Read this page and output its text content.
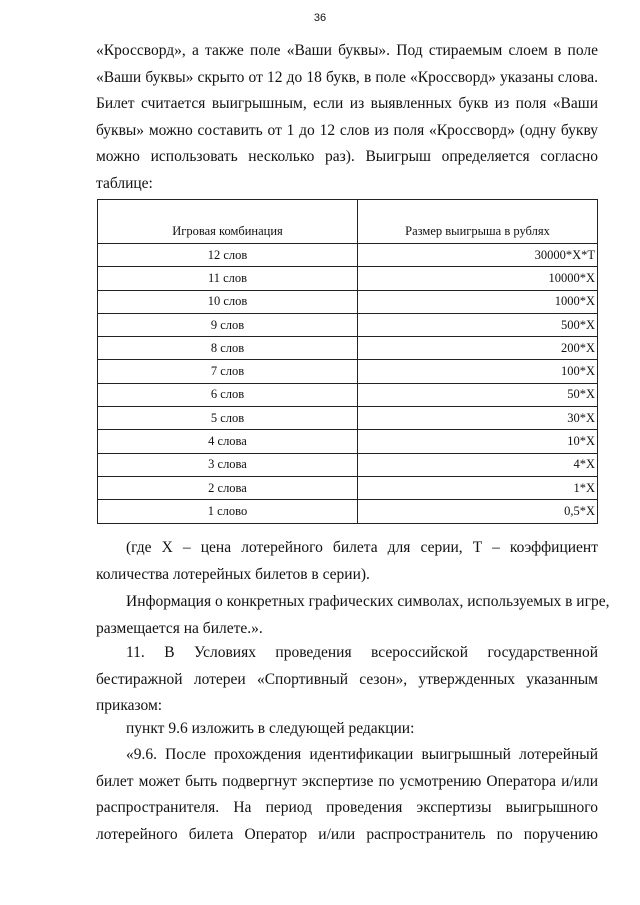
36

«Кроссворд», а также поле «Ваши буквы». Под стираемым слоем в поле
«Ваши буквы» скрыто от 12 до 18 букв, в поле «Кроссворд» указаны слова.
Билет считается выигрышным, если из выявленных букв из поля «Ваши
буквы» можно составить от 1 до 12 слов из поля «Кроссворд» (одну букву
можно использовать несколько раз). Выигрыш определяется согласно
таблице:

Игровая комбинация	Размер выигрыша в рублях
12 слов	30000*X*T
11 слов	10000*X
10 слов	1000*X
9 слов	500*X
8 слов	200*X
7 слов	100*X
6 слов	50*X
5 слов	30*X
4 слова	10*X
3 слова	4*X
2 слова	1*X
1 слово	0,5*X

(где X – цена лотерейного билета для серии, T – коэффициент
количества лотерейных билетов в серии).

Информация о конкретных графических символах, используемых в игре,
размещается на билете.».

11. В Условиях проведения всероссийской государственной
бестиражной лотереи «Спортивный сезон», утвержденных указанным
приказом:

пункт 9.6 изложить в следующей редакции:

«9.6. После прохождения идентификации выигрышный лотерейный
билет может быть подвергнут экспертизе по усмотрению Оператора и/или
распространителя. На период проведения экспертизы выигрышного
лотерейного билета Оператор и/или распространитель по поручению
